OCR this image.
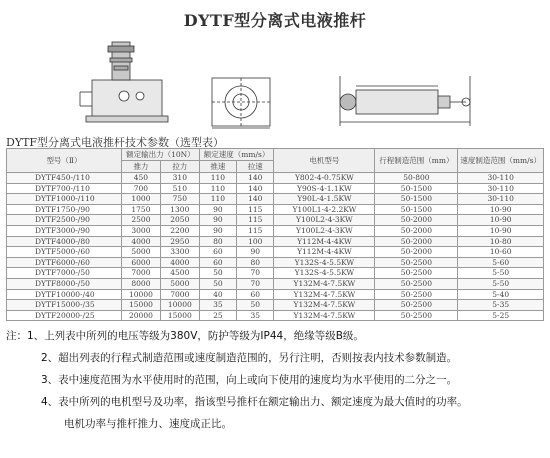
DYTF型分离式电液推杆
DYTF型分离式电液推杆技术参数（选型表）
型号（Ⅱ）	额定输出力（10N）		额定速度（mm/s）		电机型号	行程制造范围（mm）	速度制造范围（mm/s）
	推力	拉力	推速	拉速			
DYTF450-/110	450	310	110	140	Y802-4-0.75KW	50-800	30-110
DYTF700-/110	700	510	110	140	Y90S-4-1.1KW	50-1500	30-110
DYTF1000-/110	1000	750	110	140	Y90L-4-1.5KW	50-1500	30-110
DYTF1750-/90	1750	1300	90	115	Y100L1-4-2.2KW	50-1500	10-90
DYTF2500-/90	2500	2050	90	115	Y100L2-4-3KW	50-2000	10-90
DYTF3000-/90	3000	2200	90	115	Y100L2-4-3KW	50-2000	10-90
DYTF4000-/80	4000	2950	80	100	Y112M-4-4KW	50-2000	10-80
DYTF5000-/60	5000	3300	60	90	Y112M-4-4KW	50-2000	10-60
DYTF6000-/60	6000	4000	60	80	Y132S-4-5.5KW	50-2500	5-60
DYTF7000-/50	7000	4500	50	70	Y132S-4-5.5KW	50-2500	5-50
DYTF8000-/50	8000	5000	50	70	Y132M-4-7.5KW	50-2500	5-50
DYTF10000-/40	10000	7000	40	60	Y132M-4-7.5KW	50-2500	5-40
DYTF15000-/35	15000	10000	35	50	Y132M-4-7.5KW	50-2500	5-35
DYTF20000-/25	20000	15000	25	35	Y132M-4-7.5KW	50-2500	5-25
注：1、上列表中所列的电压等级为380V，防护等级为IP44，绝缘等级B级。
2、超出列表的行程式制造范围或速度制造范围的，另行注明，否则按表内技术参数制造。
3、表中速度范围为水平使用时的范围，向上或向下使用的速度均为水平使用的二分之一。
4、表中所列的电机型号及功率，指该型号推杆在额定输出力、额定速度为最大值时的功率。
电机功率与推杆推力、速度成正比。
